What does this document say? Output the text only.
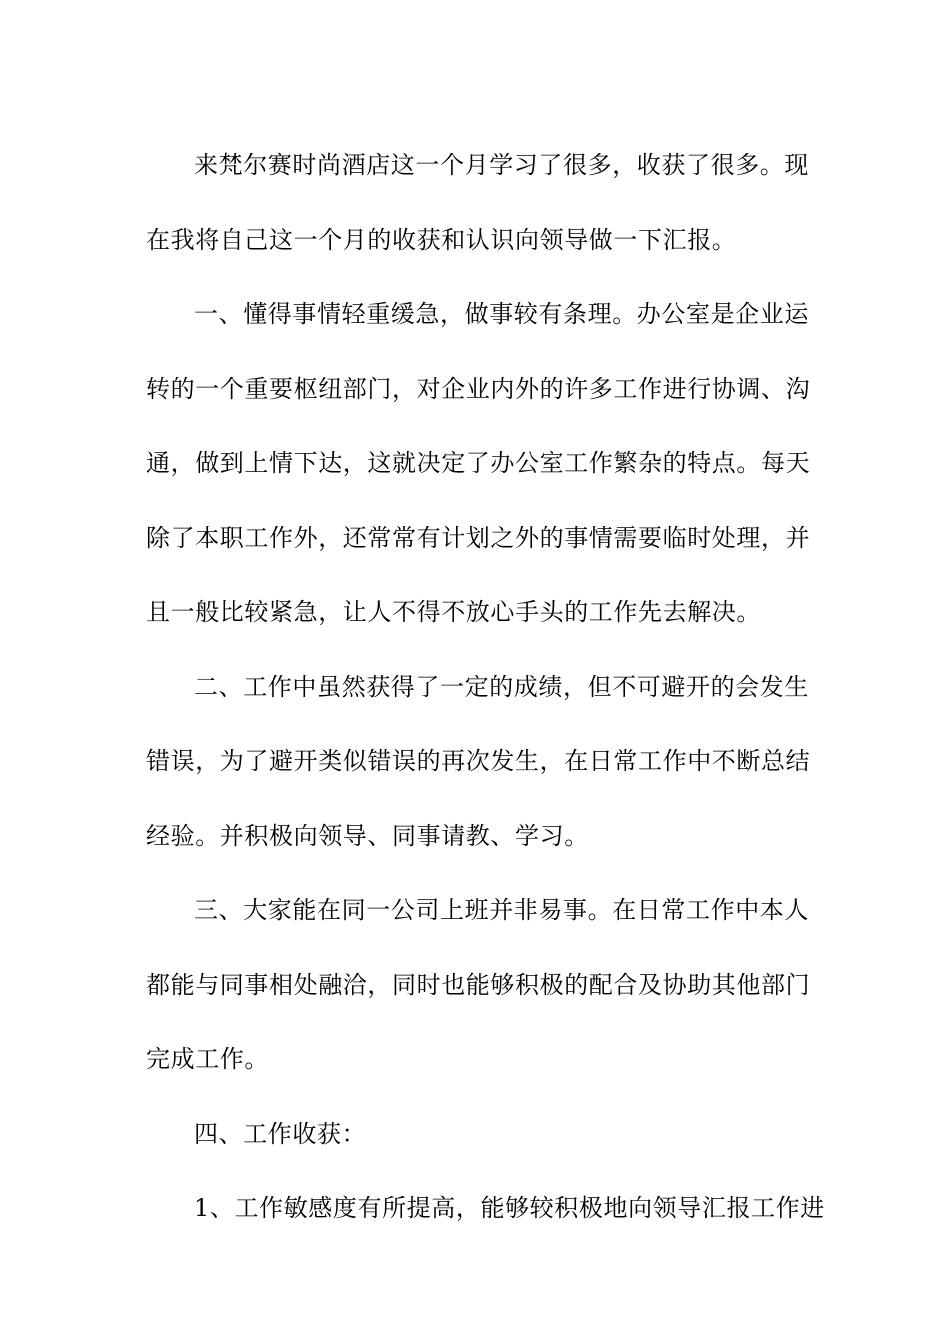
来梵尔赛时尚酒店这一个月学习了很多，收获了很多。现
在我将自己这一个月的收获和认识向领导做一下汇报。
一、懂得事情轻重缓急，做事较有条理。办公室是企业运
转的一个重要枢纽部门，对企业内外的许多工作进行协调、沟
通，做到上情下达，这就决定了办公室工作繁杂的特点。每天
除了本职工作外，还常常有计划之外的事情需要临时处理，并
且一般比较紧急，让人不得不放心手头的工作先去解决。
二、工作中虽然获得了一定的成绩，但不可避开的会发生
错误，为了避开类似错误的再次发生，在日常工作中不断总结
经验。并积极向领导、同事请教、学习。
三、大家能在同一公司上班并非易事。在日常工作中本人
都能与同事相处融洽，同时也能够积极的配合及协助其他部门
完成工作。
四、工作收获：
1、工作敏感度有所提高，能够较积极地向领导汇报工作进
